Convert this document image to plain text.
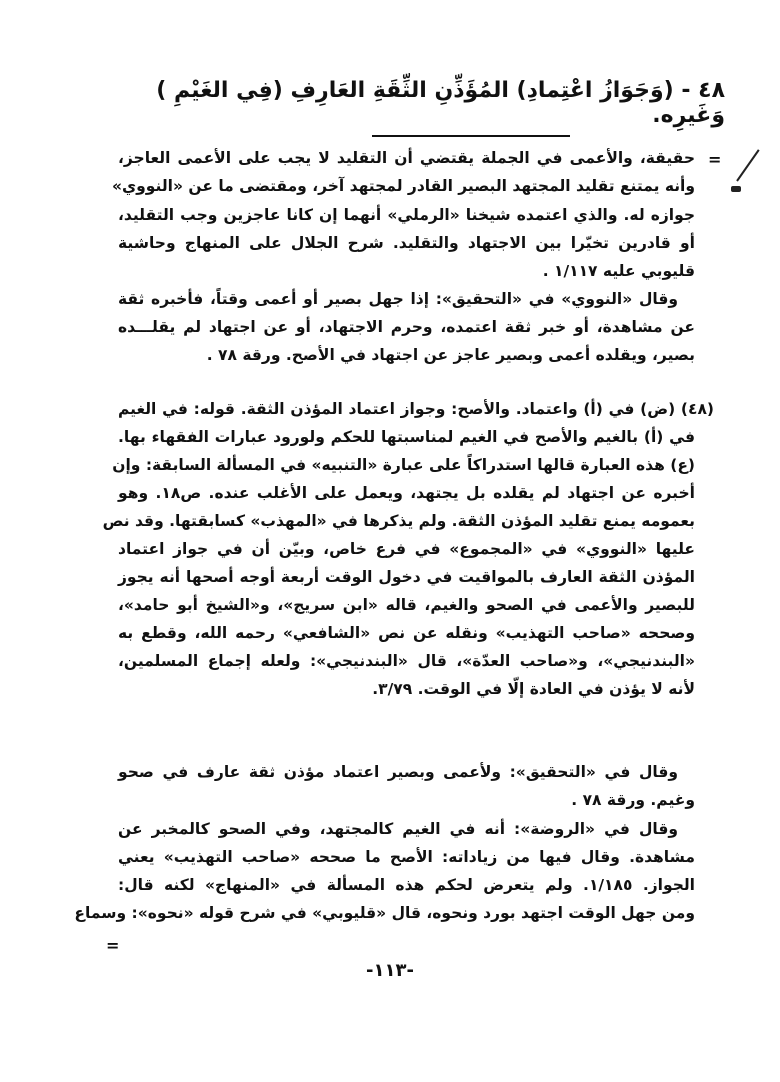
٤٨ - (وَجَوَازُ اعْتِمادِ) المُؤَذِّنِ الثِّقَةِ العَارِفِ (فِي الغَيْمِ ) وَغَيرِه.
=
حقيقة، والأعمى في الجملة يقتضي أن التقليد لا يجب على الأعمى العاجز،
وأنه يمتنع تقليد المجتهد البصير القادر لمجتهد آخر، ومقتضى ما عن «النووي»
جوازه له. والذي اعتمده شيخنا «الرملي» أنهما إن كانا عاجزين وجب التقليد،
أو قادرين تخيّرا بين الاجتهاد والتقليد. شرح الجلال على المنهاج وحاشية
قليوبي عليه ١/١١٧ .
وقال «النووي» في «التحقيق»: إذا جهل بصير أو أعمى وقتاً، فأخبره ثقة
عن مشاهدة، أو خبر ثقة اعتمده، وحرم الاجتهاد، أو عن اجتهاد لم يقلـــده
بصير، ويقلده أعمى وبصير عاجز عن اجتهاد في الأصح. ورقة ٧٨ .
(٤٨) (ض) في (أ) واعتماد. والأصح: وجواز اعتماد المؤذن الثقة. قوله: في الغيم
في (أ) بالغيم والأصح في الغيم لمناسبتها للحكم ولورود عبارات الفقهاء بها.
(ع) هذه العبارة قالها استدراكاً على عبارة «التنبيه» في المسألة السابقة: وإن
أخبره عن اجتهاد لم يقلده بل يجتهد، ويعمل على الأغلب عنده. ص١٨. وهو
بعمومه يمنع تقليد المؤذن الثقة. ولم يذكرها في «المهذب» كسابقتها. وقد نص
عليها «النووي» في «المجموع» في فرع خاص، وبيّن أن في جواز اعتماد
المؤذن الثقة العارف بالمواقيت في دخول الوقت أربعة أوجه أصحها أنه يجوز
للبصير والأعمى في الصحو والغيم، قاله «ابن سريج»، و«الشيخ أبو حامد»،
وصححه «صاحب التهذيب» ونقله عن نص «الشافعي» رحمه الله، وقطع به
«البندنيجي»، و«صاحب العدّة»، قال «البندنيجي»: ولعله إجماع المسلمين،
لأنه لا يؤذن في العادة إلّا في الوقت. ٣/٧٩.
وقال في «التحقيق»: ولأعمى وبصير اعتماد مؤذن ثقة عارف في صحو
وغيم. ورقة ٧٨ .
وقال في «الروضة»: أنه في الغيم كالمجتهد، وفي الصحو كالمخبر عن
مشاهدة. وقال فيها من زياداته: الأصح ما صححه «صاحب التهذيب» يعني
الجواز. ١/١٨٥. ولم يتعرض لحكم هذه المسألة في «المنهاج» لكنه قال:
ومن جهل الوقت اجتهد بورد ونحوه، قال «قليوبي» في شرح قوله «نحوه»: وسماع
=
-١١٣-
